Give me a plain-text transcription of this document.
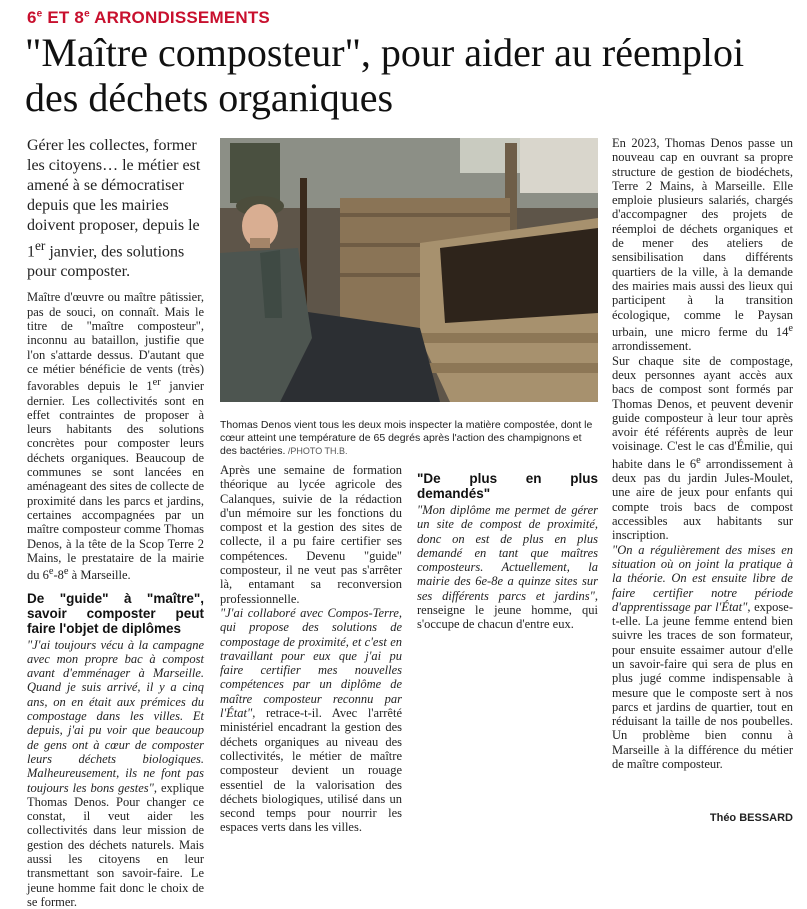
6e ET 8e ARRONDISSEMENTS
"Maître composteur", pour aider au réemploi des déchets organiques

Gérer les collectes, former les citoyens… le métier est amené à se démocratiser depuis que les mairies doivent proposer, depuis le 1er janvier, des solutions pour composter.

Maître d'œuvre ou maître pâtissier, pas de souci, on connaît. Mais le titre de "maître composteur", inconnu au bataillon, justifie que l'on s'attarde dessus. D'autant que ce métier bénéficie de vents (très) favorables depuis le 1er janvier dernier. Les collectivités sont en effet contraintes de proposer à leurs habitants des solutions concrètes pour composter leurs déchets organiques. Beaucoup de communes se sont lancées en aménageant des sites de collecte de proximité dans les parcs et jardins, certaines accompagnées par un maître composteur comme Thomas Denos, à la tête de la Scop Terre 2 Mains, le prestataire de la mairie du 6e-8e à Marseille.

De "guide" à "maître", savoir composter peut faire l'objet de diplômes

"J'ai toujours vécu à la campagne avec mon propre bac à compost avant d'emménager à Marseille. Quand je suis arrivé, il y a cinq ans, on en était aux prémices du compostage dans les villes. Et depuis, j'ai pu voir que beaucoup de gens ont à cœur de composter leurs déchets biologiques. Malheureusement, ils ne font pas toujours les bons gestes", explique Thomas Denos. Pour changer ce constat, il veut aider les collectivités dans leur mission de gestion des déchets naturels. Mais aussi les citoyens en leur transmettant son savoir-faire. Le jeune homme fait donc le choix de se former.

Thomas Denos vient tous les deux mois inspecter la matière compostée, dont le cœur atteint une température de 65 degrés après l'action des champignons et des bactéries. /PHOTO TH.B.

Après une semaine de formation théorique au lycée agricole des Calanques, suivie de la rédaction d'un mémoire sur les fonctions du compost et la gestion des sites de collecte, il a pu faire certifier ses compétences. Devenu "guide" composteur, il ne veut pas s'arrêter là, entamant sa reconversion professionnelle.

"J'ai collaboré avec Compos-Terre, qui propose des solutions de compostage de proximité, et c'est en travaillant pour eux que j'ai pu faire certifier mes nouvelles compétences par un diplôme de maître composteur reconnu par l'État", retrace-t-il. Avec l'arrêté ministériel encadrant la gestion des déchets organiques au niveau des collectivités, le métier de maître composteur devient un rouage essentiel de la valorisation des déchets biologiques, utilisé dans un second temps pour nourrir les espaces verts dans les villes.

"De plus en plus demandés"

"Mon diplôme me permet de gérer un site de compost de proximité, donc on est de plus en plus demandé en tant que maîtres composteurs. Actuellement, la mairie des 6e-8e a quinze sites sur ses différents parcs et jardins", renseigne le jeune homme, qui s'occupe de chacun d'entre eux.

En 2023, Thomas Denos passe un nouveau cap en ouvrant sa propre structure de gestion de biodéchets, Terre 2 Mains, à Marseille. Elle emploie plusieurs salariés, chargés d'accompagner des projets de réemploi de déchets organiques et de mener des ateliers de sensibilisation dans différents quartiers de la ville, à la demande des mairies mais aussi des lieux qui participent à la transition écologique, comme le Paysan urbain, une micro ferme du 14e arrondissement.

Sur chaque site de compostage, deux personnes ayant accès aux bacs de compost sont formés par Thomas Denos, et peuvent devenir guide composteur à leur tour après avoir été référents auprès de leur voisinage. C'est le cas d'Émilie, qui habite dans le 6e arrondissement à deux pas du jardin Jules-Moulet, une aire de jeux pour enfants qui compte trois bacs de compost accessibles aux habitants sur inscription.

"On a régulièrement des mises en situation où on joint la pratique à la théorie. On est ensuite libre de faire certifier notre période d'apprentissage par l'État", expose-t-elle. La jeune femme entend bien suivre les traces de son formateur, pour ensuite essaimer autour d'elle un savoir-faire qui sera de plus en plus jugé comme indispensable à mesure que le composte sert à nos parcs et jardins de quartier, tout en réduisant la taille de nos poubelles. Un problème bien connu à Marseille à la différence du métier de maître composteur.

Théo BESSARD
